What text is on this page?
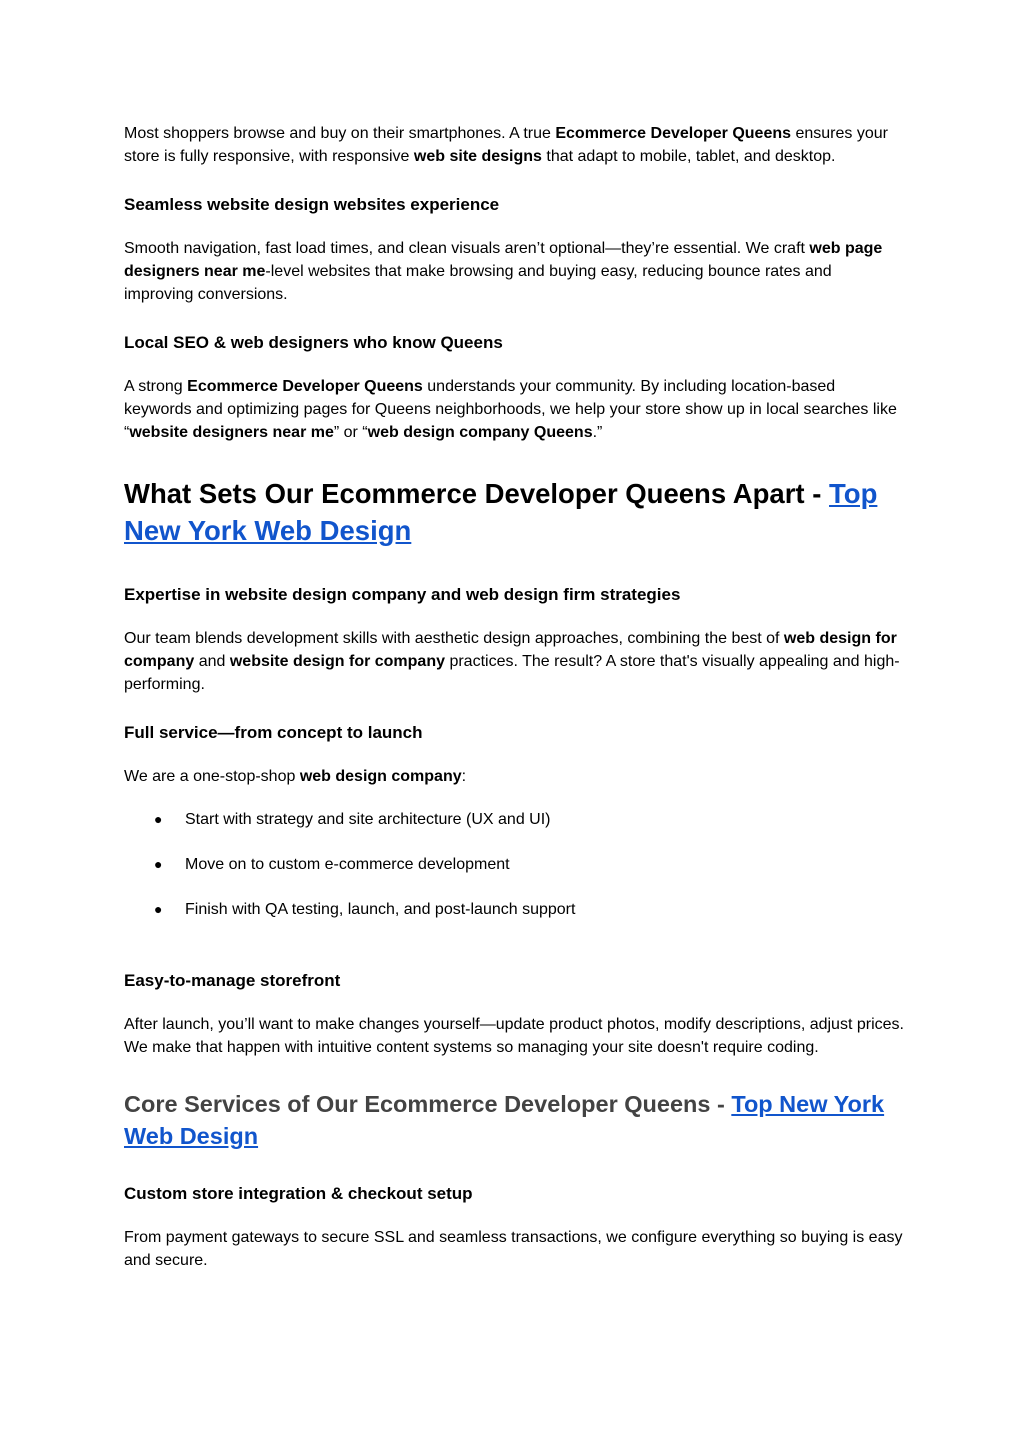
Most shoppers browse and buy on their smartphones. A true Ecommerce Developer Queens ensures your store is fully responsive, with responsive web site designs that adapt to mobile, tablet, and desktop.

Seamless website design websites experience

Smooth navigation, fast load times, and clean visuals aren’t optional—they’re essential. We craft web page designers near me-level websites that make browsing and buying easy, reducing bounce rates and improving conversions.

Local SEO & web designers who know Queens

A strong Ecommerce Developer Queens understands your community. By including location-based keywords and optimizing pages for Queens neighborhoods, we help your store show up in local searches like “website designers near me” or “web design company Queens.”

What Sets Our Ecommerce Developer Queens Apart - Top New York Web Design
Expertise in website design company and web design firm strategies

Our team blends development skills with aesthetic design approaches, combining the best of web design for company and website design for company practices. The result? A store that's visually appealing and high-performing.

Full service—from concept to launch

We are a one-stop-shop web design company:

● Start with strategy and site architecture (UX and UI)
● Move on to custom e-commerce development
● Finish with QA testing, launch, and post-launch support
Easy-to-manage storefront

After launch, you’ll want to make changes yourself—update product photos, modify descriptions, adjust prices. We make that happen with intuitive content systems so managing your site doesn't require coding.

Core Services of Our Ecommerce Developer Queens - Top New York Web Design
Custom store integration & checkout setup

From payment gateways to secure SSL and seamless transactions, we configure everything so buying is easy and secure.
